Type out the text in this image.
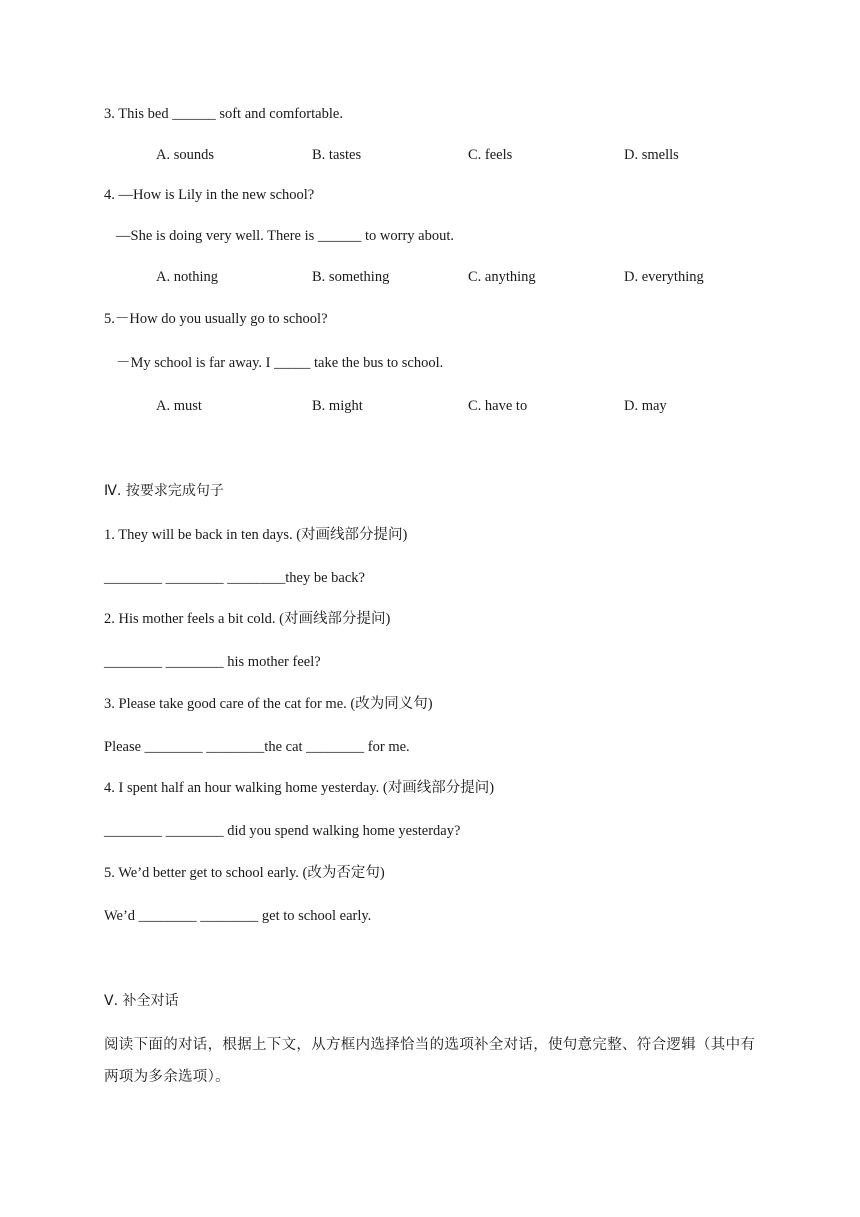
3. This bed ______ soft and comfortable.
A. sounds	B. tastes	C. feels	D. smells
4. —How is Lily in the new school?
—She is doing very well. There is ______ to worry about.
A. nothing	B. something	C. anything	D. everything
5.－How do you usually go to school?
－My school is far away. I _____ take the bus to school.
A. must	B. might	C. have to	D. may
Ⅳ. 按要求完成句子
1. They will be back in ten days. (对画线部分提问)
________ ________ ________they be back?
2. His mother feels a bit cold. (对画线部分提问)
________ ________ his mother feel?
3. Please take good care of the cat for me. (改为同义句)
Please ________ ________the cat ________ for me.
4. I spent half an hour walking home yesterday. (对画线部分提问)
________ ________ did you spend walking home yesterday?
5. We’d better get to school early. (改为否定句)
We’d ________ ________ get to school early.
Ⅴ. 补全对话
阅读下面的对话，根据上下文，从方框内选择恰当的选项补全对话，使句意完整、符合逻辑（其中有两项为多余选项）。
